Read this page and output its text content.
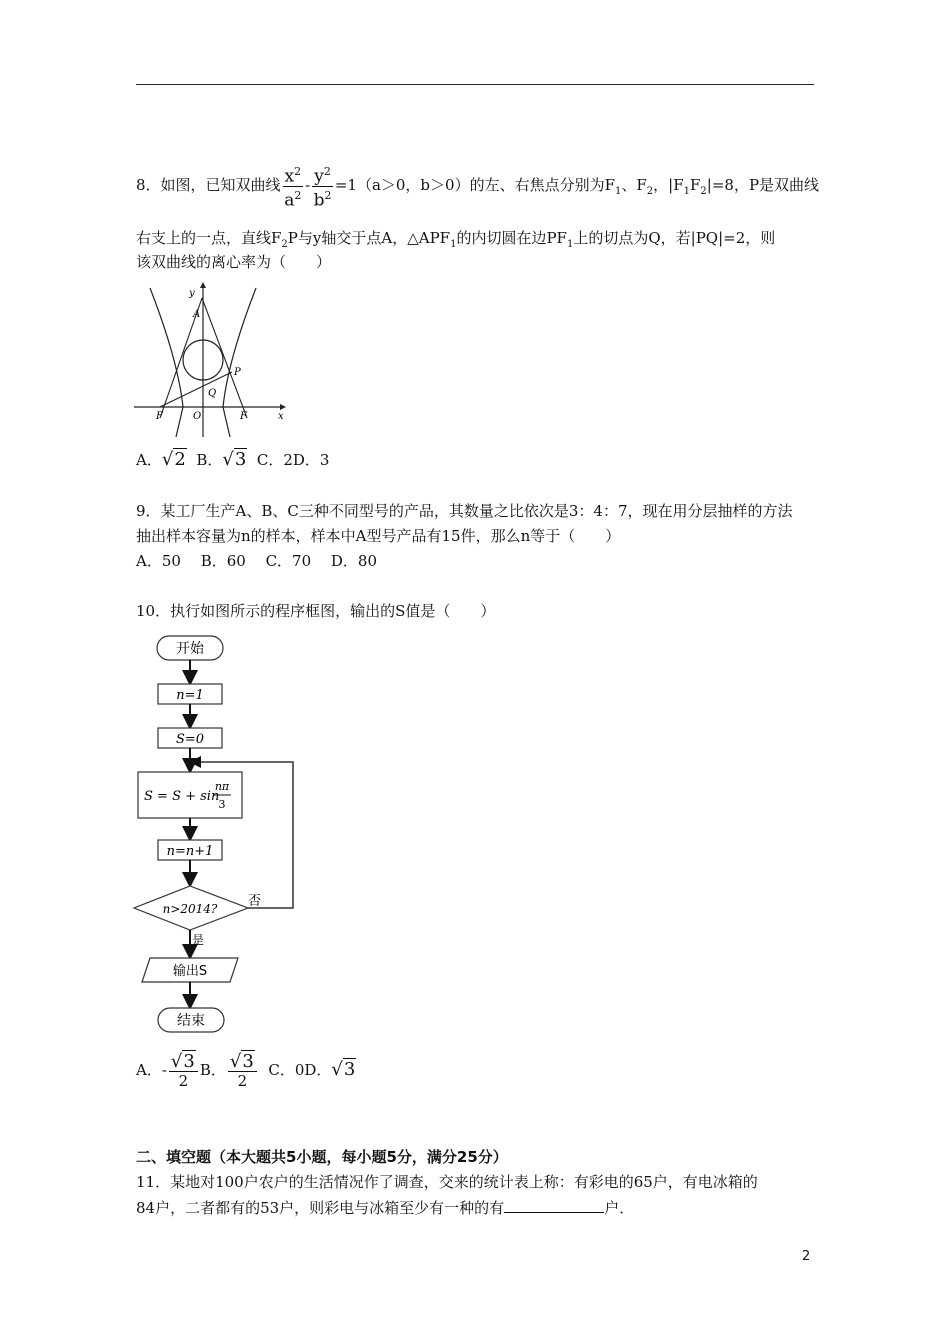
8．如图，已知双曲线 $\frac{x^2}{a^2} - \frac{y^2}{b^2} =1(a>0$，b＞0）的左、右焦点分别为$F_1$、$F_2$，$|F_1F_2|=8$，P是双曲线
右支上的一点，直线$F_2P$与y轴交于点A，$\triangle APF_1$的内切圆在边$PF_1$上的切点为Q，若|PQ|=2，则
该双曲线的离心率为（　　）
y
A
P
Q
F	O	F	x
A．√2 B．√3 C．2D．3
9．某工厂生产A、B、C三种不同型号的产品，其数量之比依次是3：4：7，现在用分层抽样的方法
抽出样本容量为n的样本，样本中A型号产品有15件，那么n等于（　　）
A．50　 B．60　 C．70　 D．80
10．执行如图所示的程序框图，输出的S值是（　　）
开始
n=1
S=0
S = S + sin
nπ
3
n=n+1
n>2014? 否
是
输出S
结束
A．- $\frac{√3}{2}$ B． $\frac{√3}{2}$ C．0D．√3
二、填空题（本大题共5小题，每小题5分，满分25分）
11．某地对100户农户的生活情况作了调查，交来的统计表上称：有彩电的65户，有电冰箱的
84户，二者都有的53户，则彩电与冰箱至少有一种的有	户．
2
